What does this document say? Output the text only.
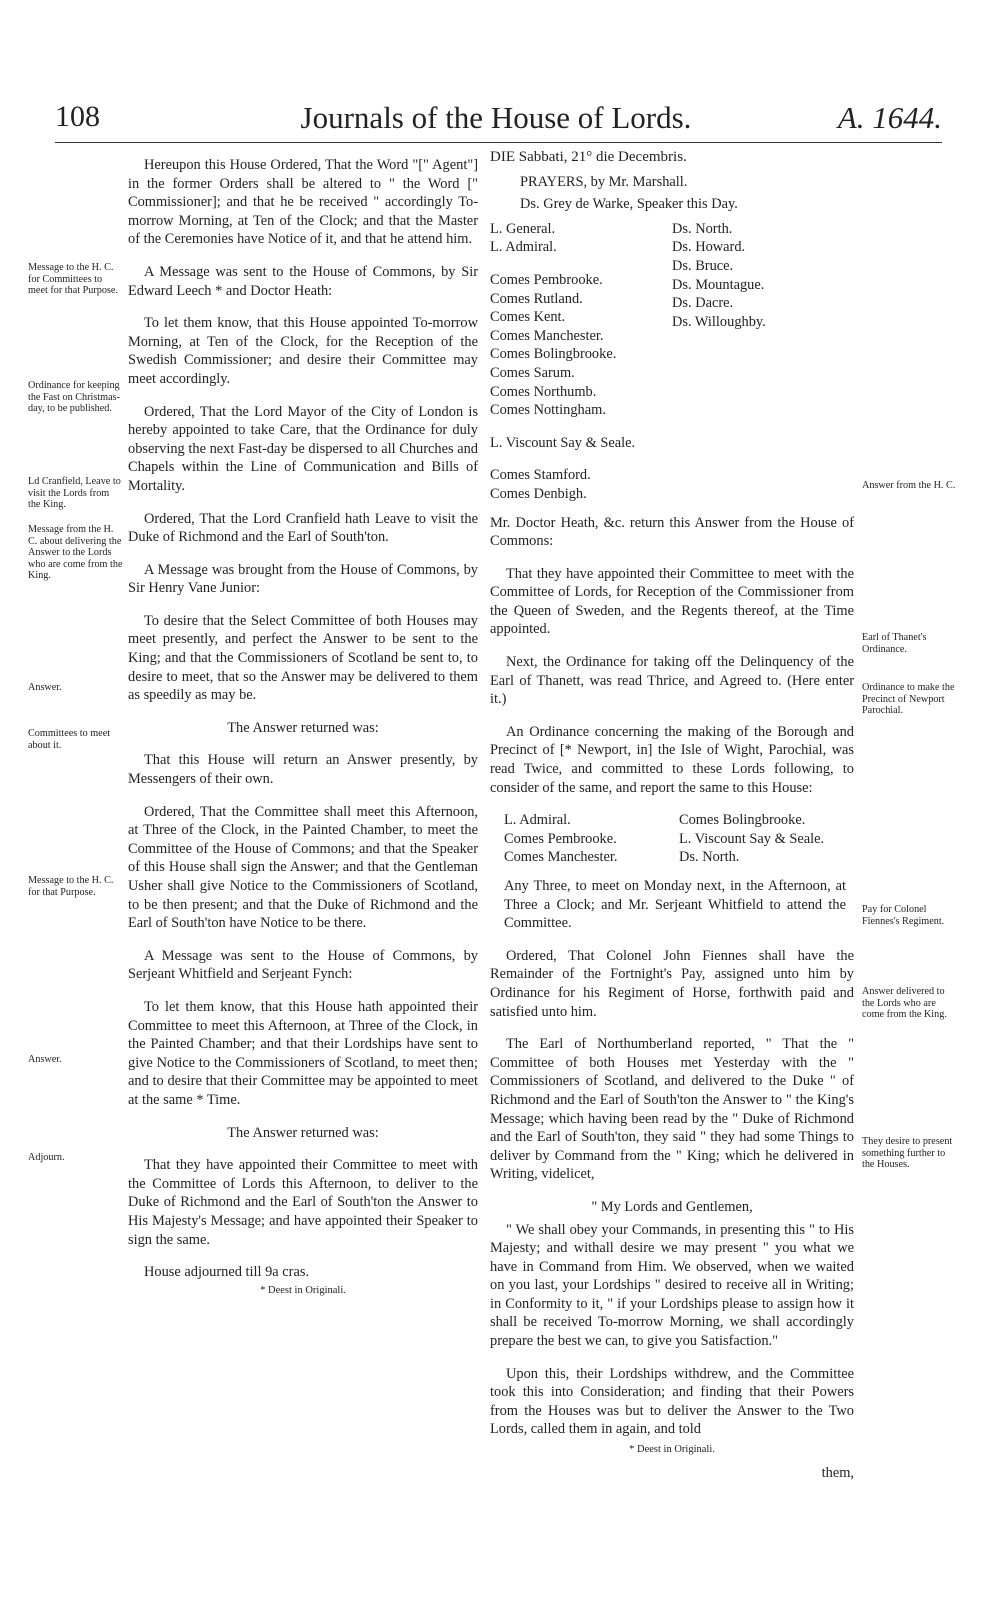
108	Journals of the House of Lords.	A. 1644.
Message to the H. C. for Committees to meet for that Purpose.
Ordinance for keeping the Fast on Christmas-day, to be published.
Ld Cranfield, Leave to visit the Lords from the King.
Message from the H. C. about delivering the Answer to the Lords who are come from the King.
Answer.
Committees to meet about it.
Message to the H. C. for that Purpose.
Answer.
Adjourn.

Hereupon this House Ordered, That the Word "[" Agent"] in the former Orders shall be altered to " the Word [" Commissioner]; and that he be received " accordingly To-morrow Morning, at Ten of the Clock; and that the Master of the Ceremonies have Notice of it, and that he attend him.

A Message was sent to the House of Commons, by Sir Edward Leech * and Doctor Heath:

To let them know, that this House appointed To-morrow Morning, at Ten of the Clock, for the Reception of the Swedish Commissioner; and desire their Committee may meet accordingly.

Ordered, That the Lord Mayor of the City of London is hereby appointed to take Care, that the Ordinance for duly observing the next Fast-day be dispersed to all Churches and Chapels within the Line of Communication and Bills of Mortality.

Ordered, That the Lord Cranfield hath Leave to visit the Duke of Richmond and the Earl of South'ton.

A Message was brought from the House of Commons, by Sir Henry Vane Junior:

To desire that the Select Committee of both Houses may meet presently, and perfect the Answer to be sent to the King; and that the Commissioners of Scotland be sent to, to desire to meet, that so the Answer may be delivered to them as speedily as may be.

The Answer returned was:

That this House will return an Answer presently, by Messengers of their own.

Ordered, That the Committee shall meet this Afternoon, at Three of the Clock, in the Painted Chamber, to meet the Committee of the House of Commons; and that the Speaker of this House shall sign the Answer; and that the Gentleman Usher shall give Notice to the Commissioners of Scotland, to be then present; and that the Duke of Richmond and the Earl of South'ton have Notice to be there.

A Message was sent to the House of Commons, by Serjeant Whitfield and Serjeant Fynch:

To let them know, that this House hath appointed their Committee to meet this Afternoon, at Three of the Clock, in the Painted Chamber; and that their Lordships have sent to give Notice to the Commissioners of Scotland, to meet then; and to desire that their Committee may be appointed to meet at the same * Time.

The Answer returned was:

That they have appointed their Committee to meet with the Committee of Lords this Afternoon, to deliver to the Duke of Richmond and the Earl of South'ton the Answer to His Majesty's Message; and have appointed their Speaker to sign the same.

House adjourned till 9a cras.

* Deest in Originali.

DIE Sabbati, 21° die Decembris.

PRAYERS, by Mr. Marshall.

Ds. Grey de Warke, Speaker this Day.

L. General.
L. Admiral.
Comes Pembrooke.
Comes Rutland.
Comes Kent.
Comes Manchester.
Comes Bolingbrooke.
Comes Sarum.
Comes Northumb.
Comes Nottingham.
L. Viscount Say & Seale.
Comes Stamford.
Comes Denbigh.
Ds. North.
Ds. Howard.
Ds. Bruce.
Ds. Mountague.
Ds. Dacre.
Ds. Willoughby.

Mr. Doctor Heath, &c. return this Answer from the House of Commons:

That they have appointed their Committee to meet with the Committee of Lords, for Reception of the Commissioner from the Queen of Sweden, and the Regents thereof, at the Time appointed.

Next, the Ordinance for taking off the Delinquency of the Earl of Thanett, was read Thrice, and Agreed to. (Here enter it.)

An Ordinance concerning the making of the Borough and Precinct of [* Newport, in] the Isle of Wight, Parochial, was read Twice, and committed to these Lords following, to consider of the same, and report the same to this House:

L. Admiral.
Comes Pembrooke.
Comes Manchester.
Comes Bolingbrooke.
L. Viscount Say & Seale.
Ds. North.

Any Three, to meet on Monday next, in the Afternoon, at Three a Clock; and Mr. Serjeant Whitfield to attend the Committee.

Ordered, That Colonel John Fiennes shall have the Remainder of the Fortnight's Pay, assigned unto him by Ordinance for his Regiment of Horse, forthwith paid and satisfied unto him.

The Earl of Northumberland reported, " That the " Committee of both Houses met Yesterday with the " Commissioners of Scotland, and delivered to the Duke " of Richmond and the Earl of South'ton the Answer to " the King's Message; which having been read by the " Duke of Richmond and the Earl of South'ton, they said " they had some Things to deliver by Command from the " King; which he delivered in Writing, videlicet,

" My Lords and Gentlemen,

" We shall obey your Commands, in presenting this " to His Majesty; and withall desire we may present " you what we have in Command from Him. We observed, when we waited on you last, your Lordships " desired to receive all in Writing; in Conformity to it, " if your Lordships please to assign how it shall be received To-morrow Morning, we shall accordingly prepare the best we can, to give you Satisfaction."

Upon this, their Lordships withdrew, and the Committee took this into Consideration; and finding that their Powers from the Houses was but to deliver the Answer to the Two Lords, called them in again, and told

* Deest in Originali.

them,
Answer from the H. C.
Earl of Thanet's Ordinance.
Ordinance to make the Precinct of Newport Parochial.
Pay for Colonel Fiennes's Regiment.
Answer delivered to the Lords who are come from the King.
They desire to present something further to the Houses.
